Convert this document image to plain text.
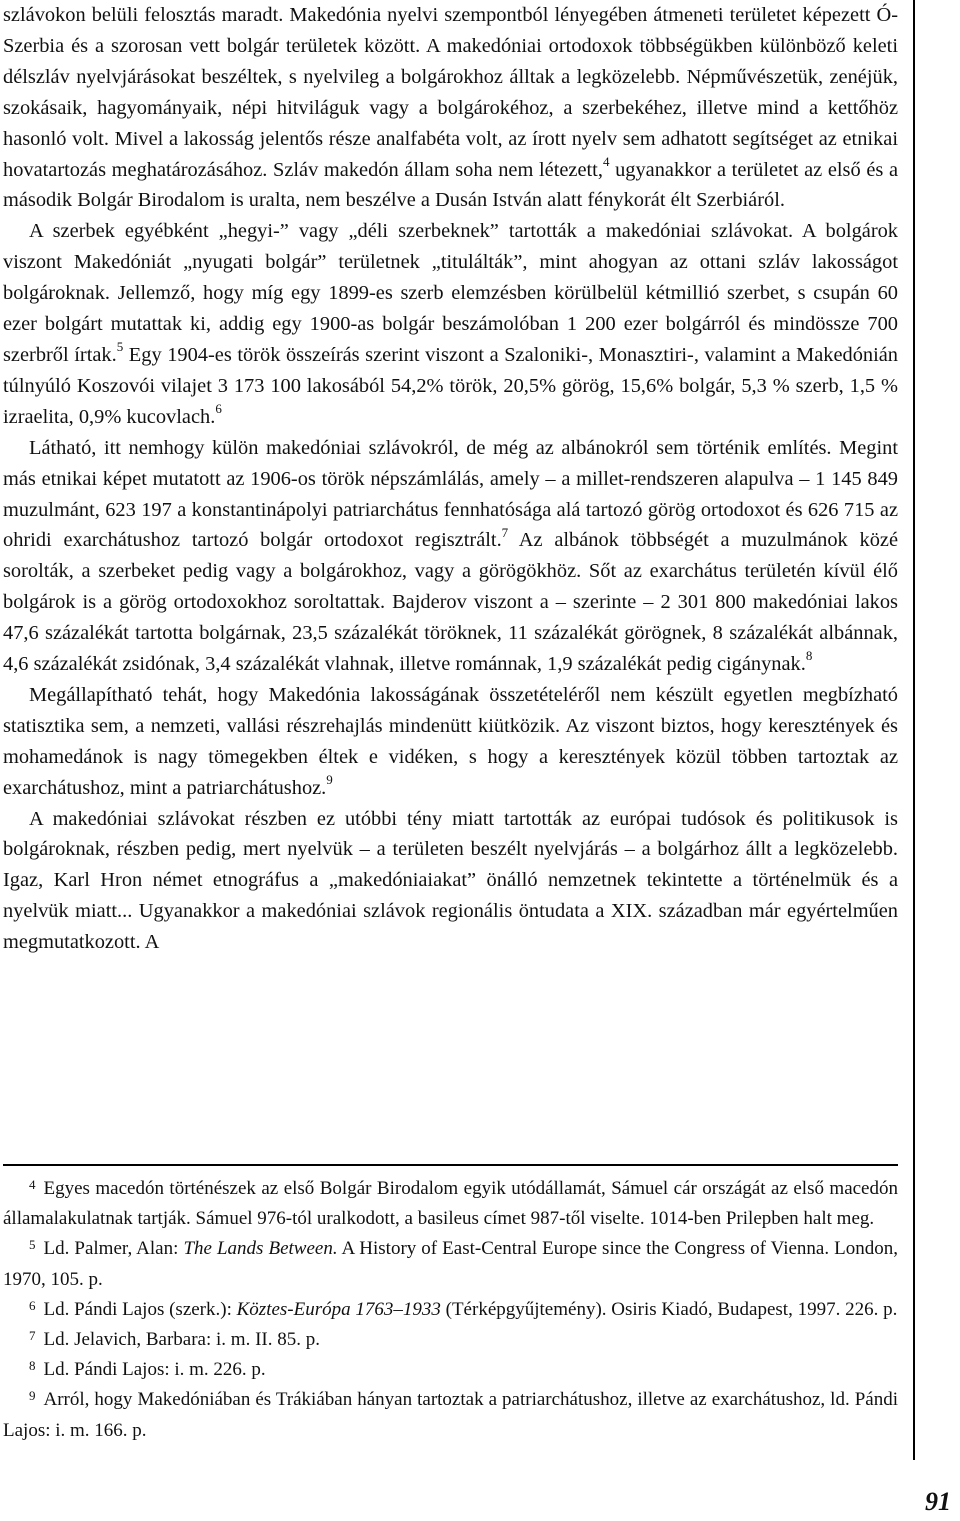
szlávokon belüli felosztás maradt. Makedónia nyelvi szempontból lényegében átmeneti területet képezett Ó-Szerbia és a szorosan vett bolgár területek között. A makedóniai ortodoxok többségükben különböző keleti délszláv nyelvjárásokat beszéltek, s nyelvileg a bolgárokhoz álltak a legközelebb. Népművészetük, zenéjük, szokásaik, hagyományaik, népi hitviláguk vagy a bolgárokéhoz, a szerbekéhez, illetve mind a kettőhöz hasonló volt. Mivel a lakosság jelentős része analfabéta volt, az írott nyelv sem adhatott segítséget az etnikai hovatartozás meghatározásához. Szláv makedón állam soha nem létezett,$^4$ ugyanakkor a területet az első és a második Bolgár Birodalom is uralta, nem beszélve a Dusán István alatt fénykorát élt Szerbiáról.

A szerbek egyébként „hegyi-” vagy „déli szerbeknek” tartották a makedóniai szlávokat. A bolgárok viszont Makedóniát „nyugati bolgár” területnek „titulálták”, mint ahogyan az ottani szláv lakosságot bolgároknak. Jellemző, hogy míg egy 1899-es szerb elemzésben körülbelül kétmillió szerbet, s csupán 60 ezer bolgárt mutattak ki, addig egy 1900-as bolgár beszámolóban 1 200 ezer bolgárról és mindössze 700 szerbről írtak.$^5$ Egy 1904-es török összeírás szerint viszont a Szaloniki-, Monasztiri-, valamint a Makedónián túlnyúló Koszovói vilajet 3 173 100 lakosából 54,2% török, 20,5% görög, 15,6% bolgár, 5,3 % szerb, 1,5 % izraelita, 0,9% kucovlach.$^6$

Látható, itt nemhogy külön makedóniai szlávokról, de még az albánokról sem történik említés. Megint más etnikai képet mutatott az 1906-os török népszámlálás, amely – a millet-rendszeren alapulva – 1 145 849 muzulmánt, 623 197 a konstantinápolyi patriarchátus fennhatósága alá tartozó görög ortodoxot és 626 715 az ohridi exarchátushoz tartozó bolgár ortodoxot regisztrált.$^7$ Az albánok többségét a muzulmánok közé sorolták, a szerbeket pedig vagy a bolgárokhoz, vagy a görögökhöz. Sőt az exarchátus területén kívül élő bolgárok is a görög ortodoxokhoz soroltattak. Bajderov viszont a – szerinte – 2 301 800 makedóniai lakos 47,6 százalékát tartotta bolgárnak, 23,5 százalékát töröknek, 11 százalékát görögnek, 8 százalékát albánnak, 4,6 százalékát zsidónak, 3,4 százalékát vlahnak, illetve románnak, 1,9 százalékát pedig cigánynak.$^8$

Megállapítható tehát, hogy Makedónia lakosságának összetételéről nem készült egyetlen megbízható statisztika sem, a nemzeti, vallási részrehajlás mindenütt kiütközik. Az viszont biztos, hogy keresztények és mohamedánok is nagy tömegekben éltek e vidéken, s hogy a keresztények közül többen tartoztak az exarchátushoz, mint a patriarchátushoz.$^9$

A makedóniai szlávokat részben ez utóbbi tény miatt tartották az európai tudósok és politikusok is bolgároknak, részben pedig, mert nyelvük – a területen beszélt nyelvjárás – a bolgárhoz állt a legközelebb. Igaz, Karl Hron német etnográfus a „makedóniaiakat” önálló nemzetnek tekintette a történelmük és a nyelvük miatt... Ugyanakkor a makedóniai szlávok regionális öntudata a XIX. században már egyértelműen megmutatkozott. A

$^4$ Egyes macedón történészek az első Bolgár Birodalom egyik utódállamát, Sámuel cár országát az első macedón államalakulatnak tartják. Sámuel 976-tól uralkodott, a basileus címet 987-től viselte. 1014-ben Prilepben halt meg.

$^5$ Ld. Palmer, Alan: The Lands Between. A History of East-Central Europe since the Congress of Vienna. London, 1970, 105. p.

$^6$ Ld. Pándi Lajos (szerk.): Köztes-Európa 1763–1933 (Térképgyűjtemény). Osiris Kiadó, Budapest, 1997. 226. p.

$^7$ Ld. Jelavich, Barbara: i. m. II. 85. p.

$^8$ Ld. Pándi Lajos: i. m. 226. p.

$^9$ Arról, hogy Makedóniában és Trákiában hányan tartoztak a patriarchátushoz, illetve az exarchátushoz, ld. Pándi Lajos: i. m. 166. p.

91
